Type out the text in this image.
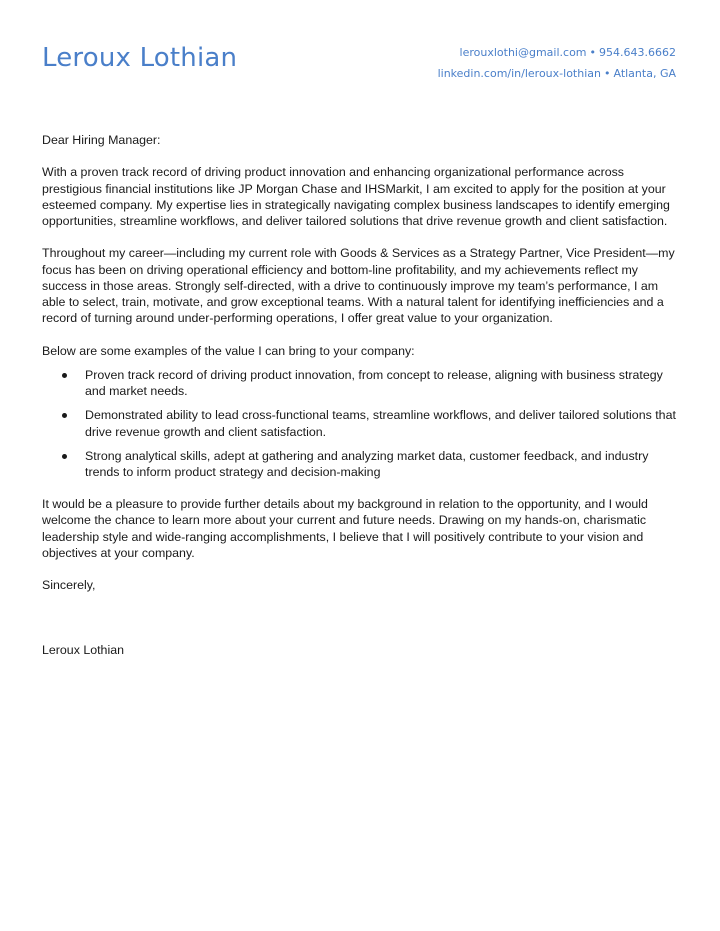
Leroux Lothian	lerouxlothi@gmail.com • 954.643.6662
linkedin.com/in/leroux-lothian • Atlanta, GA

Dear Hiring Manager:

With a proven track record of driving product innovation and enhancing organizational performance across prestigious financial institutions like JP Morgan Chase and IHSMarkit, I am excited to apply for the position at your esteemed company. My expertise lies in strategically navigating complex business landscapes to identify emerging opportunities, streamline workflows, and deliver tailored solutions that drive revenue growth and client satisfaction.

Throughout my career—including my current role with Goods & Services as a Strategy Partner, Vice President—my focus has been on driving operational efficiency and bottom-line profitability, and my achievements reflect my success in those areas. Strongly self-directed, with a drive to continuously improve my team’s performance, I am able to select, train, motivate, and grow exceptional teams. With a natural talent for identifying inefficiencies and a record of turning around under-performing operations, I offer great value to your organization.

Below are some examples of the value I can bring to your company:

Proven track record of driving product innovation, from concept to release, aligning with business strategy and market needs.
Demonstrated ability to lead cross-functional teams, streamline workflows, and deliver tailored solutions that drive revenue growth and client satisfaction.
Strong analytical skills, adept at gathering and analyzing market data, customer feedback, and industry trends to inform product strategy and decision-making

It would be a pleasure to provide further details about my background in relation to the opportunity, and I would welcome the chance to learn more about your current and future needs. Drawing on my hands-on, charismatic leadership style and wide-ranging accomplishments, I believe that I will positively contribute to your vision and objectives at your company.

Sincerely,

Leroux Lothian
